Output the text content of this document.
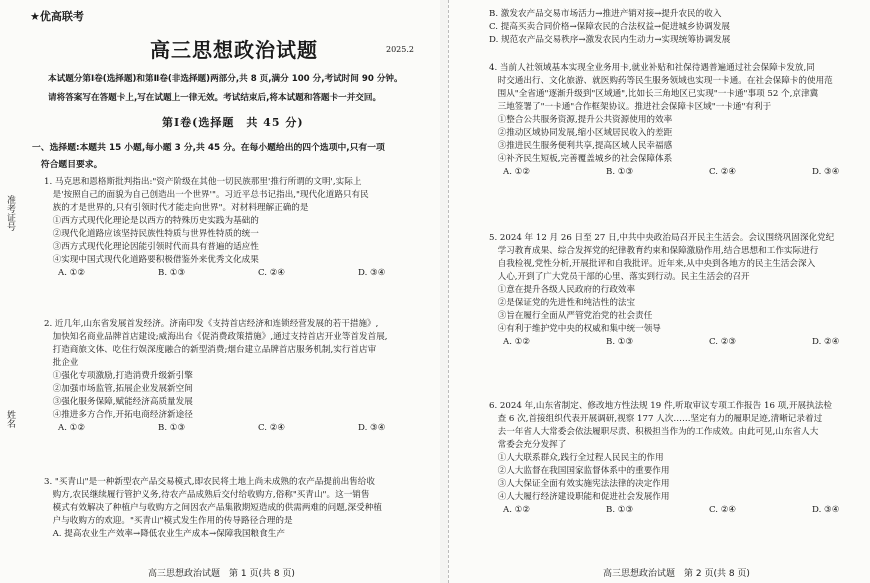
★优高联考
高三思想政治试题	2025.2
本试题分第Ⅰ卷(选择题)和第Ⅱ卷(非选择题)两部分,共 8 页,满分 100 分,考试时间 90 分钟。
请将答案写在答题卡上,写在试题上一律无效。考试结束后,将本试题和答题卡一并交回。
第Ⅰ卷(选择题　共 45 分)
一、选择题:本题共 15 小题,每小题 3 分,共 45 分。在每小题给出的四个选项中,只有一项
　符合题目要求。
1. 马克思和恩格斯批判指出:"资产阶级在其他一切民族那里'推行所谓的文明',实际上
　是'按照自己的面貌为自己创造出一个世界'"。习近平总书记指出,"现代化道路只有民
　族的才是世界的,只有引领时代才能走向世界"。对材料理解正确的是
　①西方式现代化理论是以西方的特殊历史实践为基础的
　②现代化道路应该坚持民族性特质与世界性特质的统一
　③西方式现代化理论因能引领时代而具有普遍的适应性
　④实现中国式现代化道路要积极借鉴外来优秀文化成果
A. ①②	B. ①③	C. ②④	D. ③④
2. 近几年,山东省发展首发经济。济南印发《支持首店经济和连锁经营发展的若干措施》,
　加快知名商业品牌首店建设;威海出台《促消费政策措施》,通过支持首店开业等首发首展,
　打造商旅文体、吃住行娱深度融合的新型消费;烟台建立品牌首店服务机制,实行首店审
　批企业
　①强化专项激励,打造消费升级新引擎
　②加强市场监管,拓展企业发展新空间
　③强化服务保障,赋能经济高质量发展
　④推进多方合作,开拓电商经济新途径
A. ①②	B. ①③	C. ②④	D. ③④
3. "买青山"是一种新型农产品交易模式,即农民将土地上尚未成熟的农产品提前出售给收
　购方,农民继续履行管护义务,待农产品成熟后交付给收购方,俗称"买青山"。这一销售
　模式有效解决了种植户与收购方之间因农产品集散期短造成的供需两难的问题,深受种植
　户与收购方的欢迎。"买青山"模式发生作用的传导路径合理的是
　A. 提高农业生产效率→降低农业生产成本→保障我国粮食生产
准考证号
姓名
高三思想政治试题　第 1 页(共 8 页)
B. 激发农产品交易市场活力→推进产销对接→提升农民的收入
C. 提高买卖合同价格→保障农民的合法权益→促进城乡协调发展
D. 规范农产品交易秩序→激发农民内生动力→实现统筹协调发展
4. 当前人社领域基本实现全业务用卡,就业补贴和社保待遇普遍通过社会保障卡发放,同
　时交通出行、文化旅游、就医购药等民生服务领域也实现一卡通。在社会保障卡的使用范
　围从"全省通"逐渐升级到"区域通",比如长三角地区已实现"一卡通"事项 52 个,京津冀
　三地签署了"一卡通"合作框架协议。推进社会保障卡区域"一卡通"有利于
　①整合公共服务资源,提升公共资源使用的效率
　②推动区域协同发展,缩小区域居民收入的差距
　③推进民生服务便利共享,提高区域人民幸福感
　④补齐民生短板,完善覆盖城乡的社会保障体系
A. ①②	B. ①③	C. ②④	D. ③④
5. 2024 年 12 月 26 日至 27 日,中共中央政治局召开民主生活会。会议围绕巩固深化党纪
　学习教育成果、综合发挥党的纪律教育约束和保障激励作用,结合思想和工作实际进行
　自我检视,党性分析,开展批评和自我批评。近年来,从中央到各地方的民主生活会深入
　人心,开到了广大党员干部的心里、落实到行动。民主生活会的召开
　①意在提升各级人民政府的行政效率
　②是保证党的先进性和纯洁性的法宝
　③旨在履行全面从严管党治党的社会责任
　④有利于维护党中央的权威和集中统一领导
A. ①②	B. ①③	C. ②③	D. ②④
6. 2024 年,山东省制定、修改地方性法规 19 件,听取审议专项工作报告 16 项,开展执法检
　查 6 次,首接组织代表开展调研,视察 177 人次……坚定有力的履职足迹,清晰记录着过
　去一年省人大常委会依法履职尽责、积极担当作为的工作成效。由此可见,山东省人大
　常委会充分发挥了
　①人大联系群众,践行全过程人民民主的作用
　②人大监督在我国国家监督体系中的重要作用
　③人大保证全面有效实施宪法法律的决定作用
　④人大履行经济建设职能和促进社会发展作用
A. ①②	B. ①③	C. ②④	D. ③④
高三思想政治试题　第 2 页(共 8 页)
